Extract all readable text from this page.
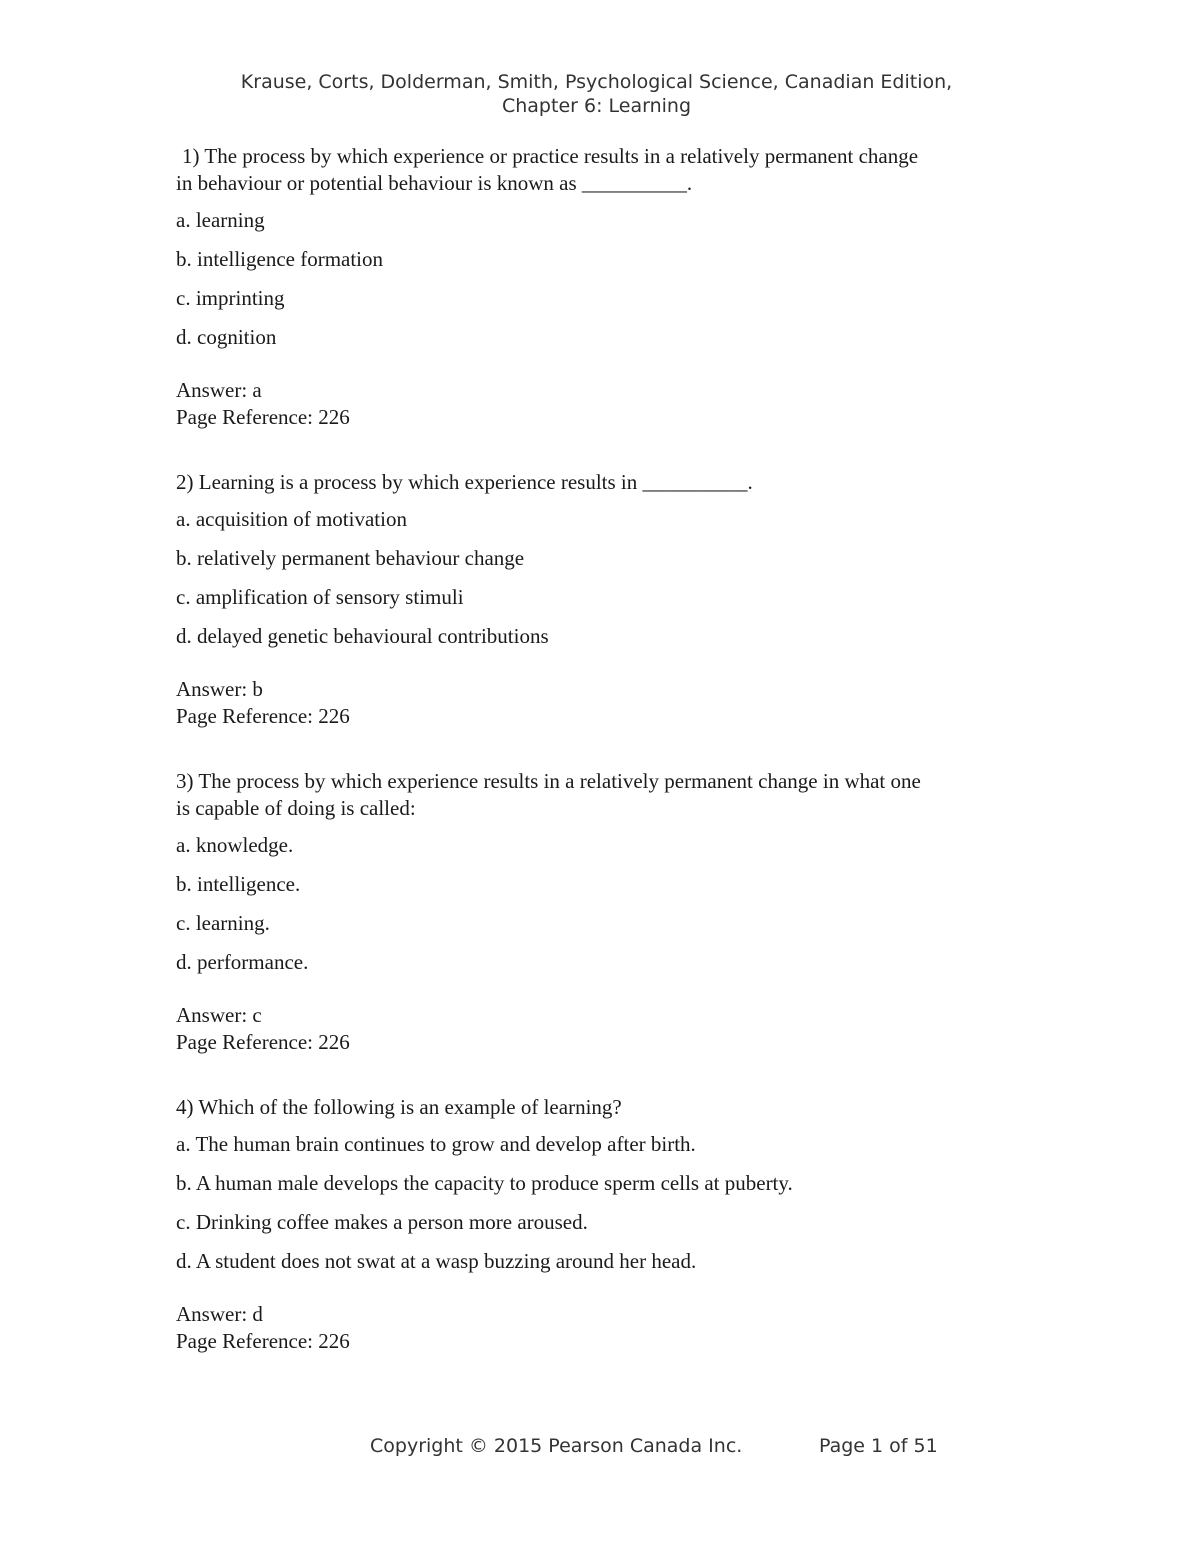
Krause, Corts, Dolderman, Smith, Psychological Science, Canadian Edition,
Chapter 6: Learning
1) The process by which experience or practice results in a relatively permanent change
in behaviour or potential behaviour is known as __________.
a. learning
b. intelligence formation
c. imprinting
d. cognition
Answer: a
Page Reference: 226
2) Learning is a process by which experience results in __________.
a. acquisition of motivation
b. relatively permanent behaviour change
c. amplification of sensory stimuli
d. delayed genetic behavioural contributions
Answer: b
Page Reference: 226
3) The process by which experience results in a relatively permanent change in what one
is capable of doing is called:
a. knowledge.
b. intelligence.
c. learning.
d. performance.
Answer: c
Page Reference: 226
4) Which of the following is an example of learning?
a. The human brain continues to grow and develop after birth.
b. A human male develops the capacity to produce sperm cells at puberty.
c. Drinking coffee makes a person more aroused.
d. A student does not swat at a wasp buzzing around her head.
Answer: d
Page Reference: 226
Copyright © 2015 Pearson Canada Inc.	Page 1 of 51
